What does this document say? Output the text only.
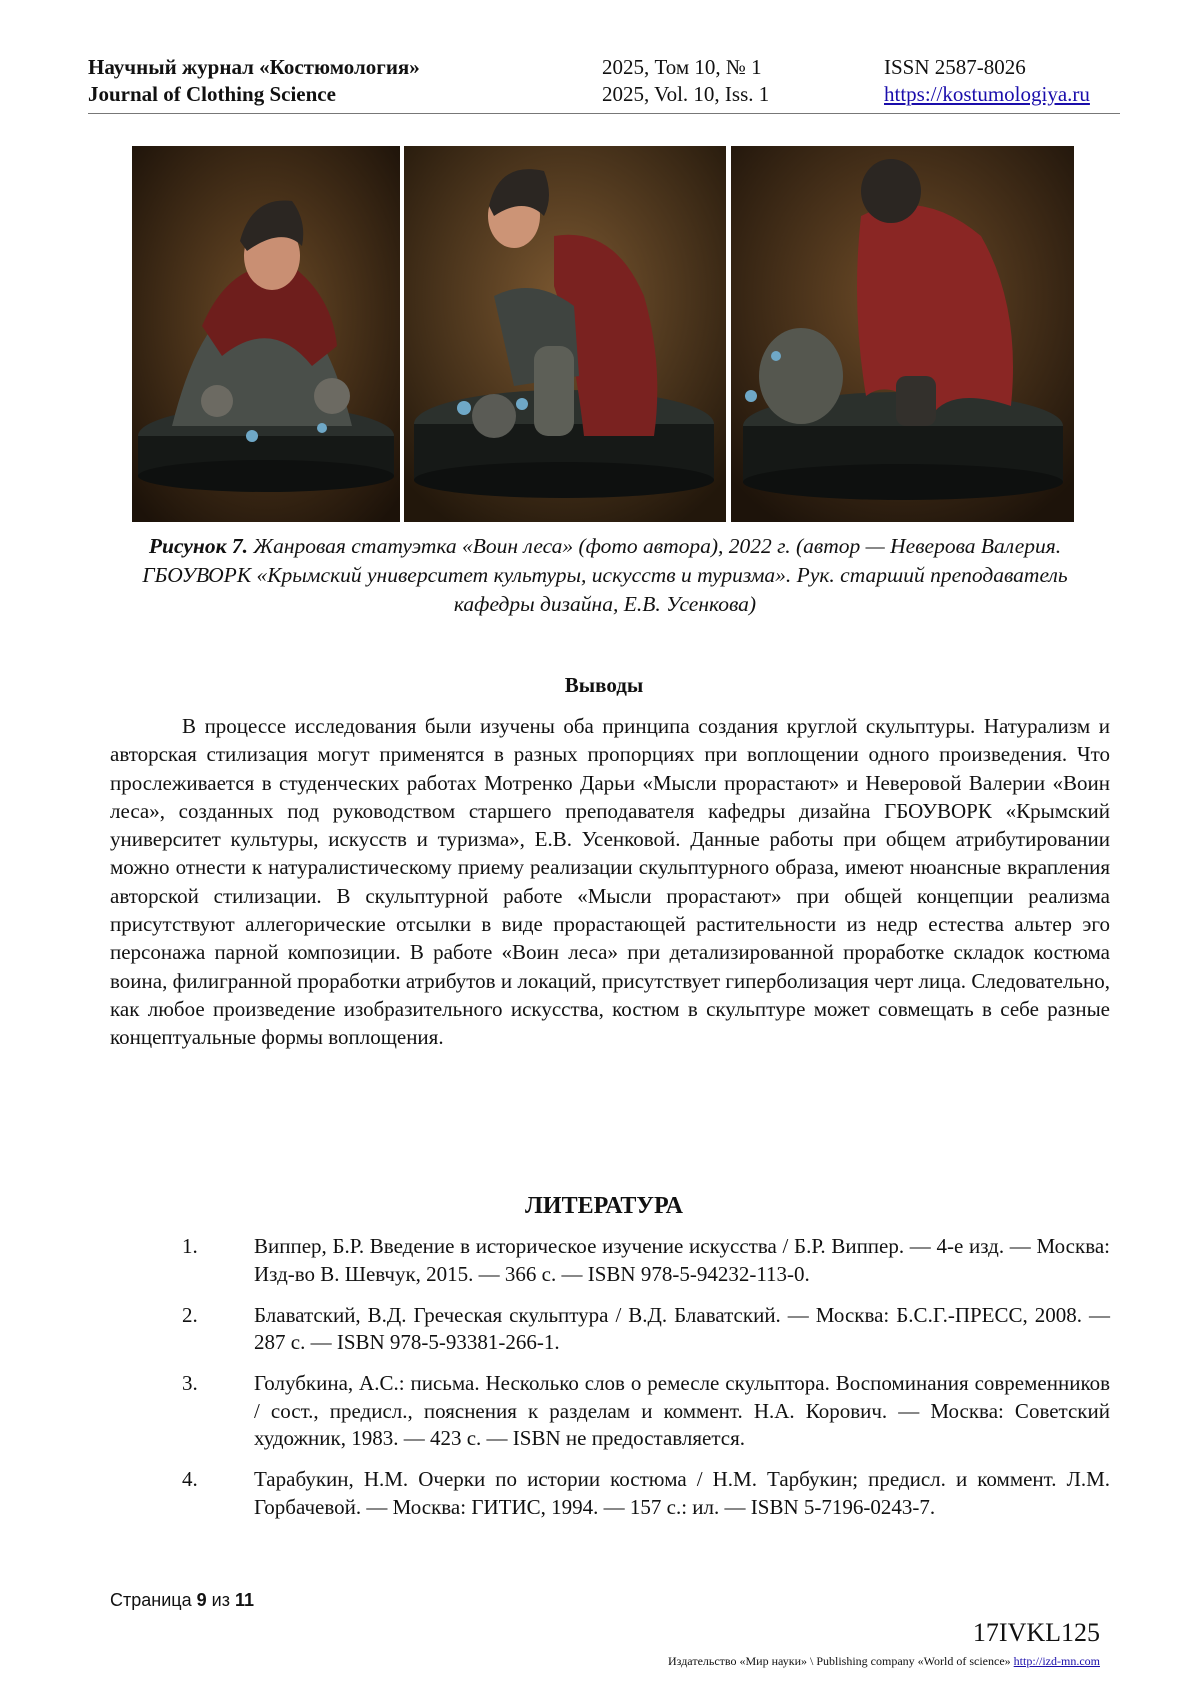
Научный журнал «Костюмология»
Journal of Clothing Science
2025, Том 10, № 1
2025, Vol. 10, Iss. 1
ISSN 2587-8026
https://kostumologiya.ru
Рисунок 7. Жанровая статуэтка «Воин леса» (фото автора), 2022 г. (автор — Неверова Валерия. ГБОУВОРК «Крымский университет культуры, искусств и туризма». Рук. старший преподаватель кафедры дизайна, Е.В. Усенкова)
Выводы

В процессе исследования были изучены оба принципа создания круглой скульптуры. Натурализм и авторская стилизация могут применятся в разных пропорциях при воплощении одного произведения. Что прослеживается в студенческих работах Мотренко Дарьи «Мысли прорастают» и Неверовой Валерии «Воин леса», созданных под руководством старшего преподавателя кафедры дизайна ГБОУВОРК «Крымский университет культуры, искусств и туризма», Е.В. Усенковой. Данные работы при общем атрибутировании можно отнести к натуралистическому приему реализации скульптурного образа, имеют нюансные вкрапления авторской стилизации. В скульптурной работе «Мысли прорастают» при общей концепции реализма присутствуют аллегорические отсылки в виде прорастающей растительности из недр естества альтер эго персонажа парной композиции. В работе «Воин леса» при детализированной проработке складок костюма воина, филигранной проработки атрибутов и локаций, присутствует гиперболизация черт лица. Следовательно, как любое произведение изобразительного искусства, костюм в скульптуре может совмещать в себе разные концептуальные формы воплощения.

ЛИТЕРАТУРА
1.	Виппер, Б.Р. Введение в историческое изучение искусства / Б.Р. Виппер. — 4-е изд. — Москва: Изд-во В. Шевчук, 2015. — 366 с. — ISBN 978-5-94232-113-0.
2.	Блаватский, В.Д. Греческая скульптура / В.Д. Блаватский. — Москва: Б.С.Г.-ПРЕСС, 2008. — 287 с. — ISBN 978-5-93381-266-1.
3.	Голубкина, А.С.: письма. Несколько слов о ремесле скульптора. Воспоминания современников / сост., предисл., пояснения к разделам и коммент. Н.А. Корович. — Москва: Советский художник, 1983. — 423 с. — ISBN не предоставляется.
4.	Тарабукин, Н.М. Очерки по истории костюма / Н.М. Тарбукин; предисл. и коммент. Л.М. Горбачевой. — Москва: ГИТИС, 1994. — 157 с.: ил. — ISBN 5-7196-0243-7.
Страница 9 из 11
17IVKL125
Издательство «Мир науки» \ Publishing company «World of science» http://izd-mn.com
